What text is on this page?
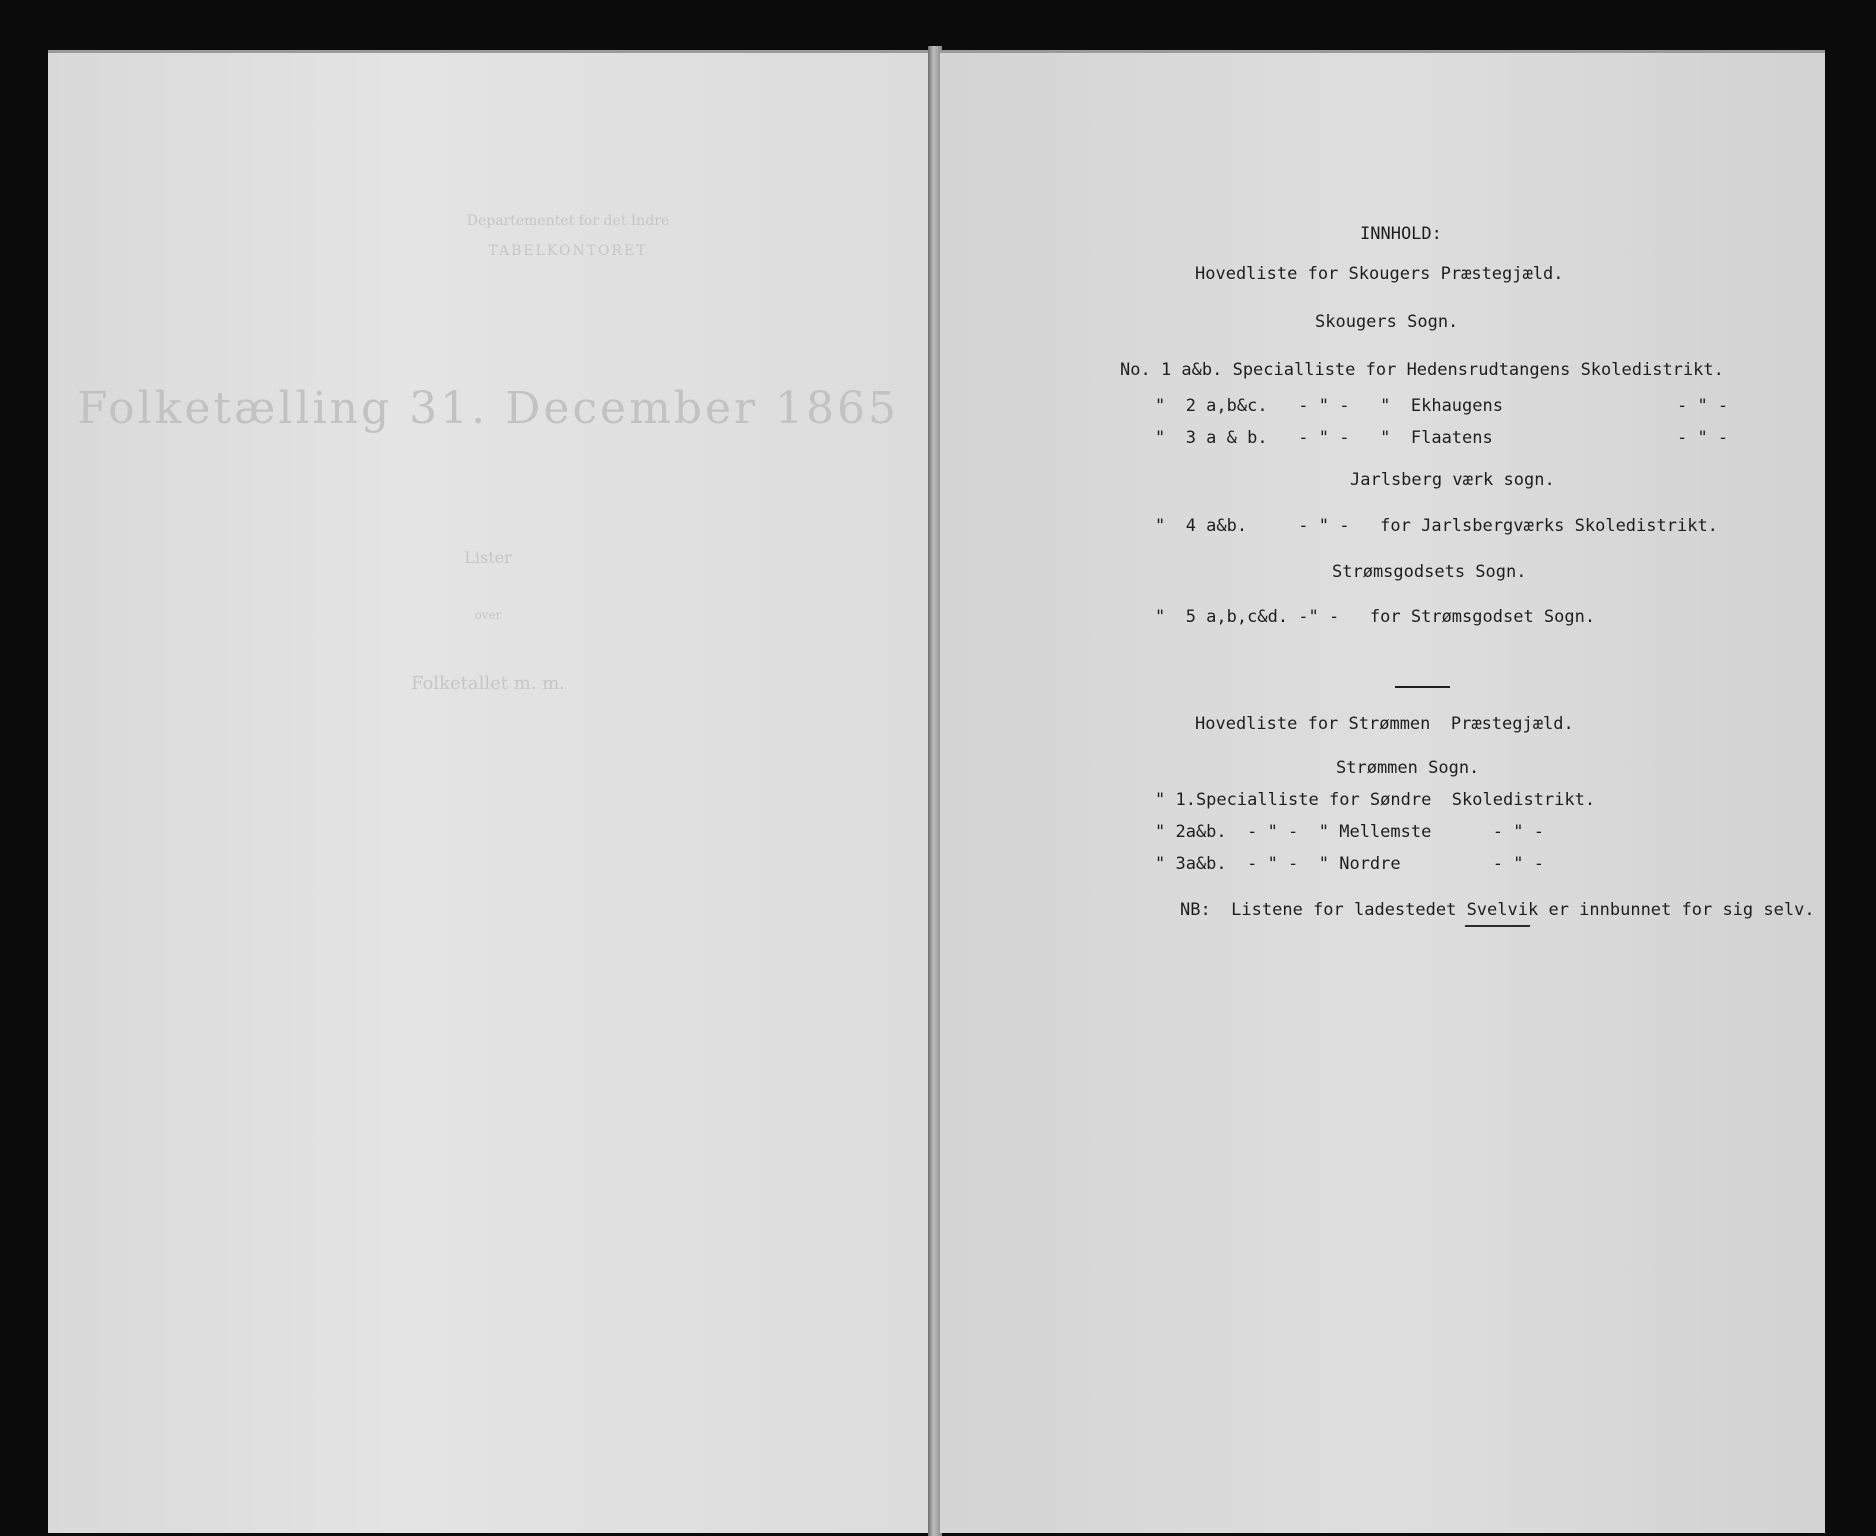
Departementet for det Indre
TABELKONTORET
Folketælling 31. December 1865
Lister
over
Folketallet m. m.
INNHOLD:
Hovedliste for Skougers Præstegjæld.
Skougers Sogn.
No. 1 a&b. Specialliste for Hedensrudtangens Skoledistrikt.
"  2 a,b&c.   - " -   "  Ekhaugens                 - " -
"  3 a & b.   - " -   "  Flaatens                  - " -
Jarlsberg værk sogn.
"  4 a&b.     - " -   for Jarlsbergværks Skoledistrikt.
Strømsgodsets Sogn.
"  5 a,b,c&d. -" -   for Strømsgodset Sogn.
Hovedliste for Strømmen  Præstegjæld.
Strømmen Sogn.
" 1.Specialliste for Søndre  Skoledistrikt.
" 2a&b.  - " -  " Mellemste      - " -
" 3a&b.  - " -  " Nordre         - " -
NB:  Listene for ladestedet Svelvik er innbunnet for sig selv.
